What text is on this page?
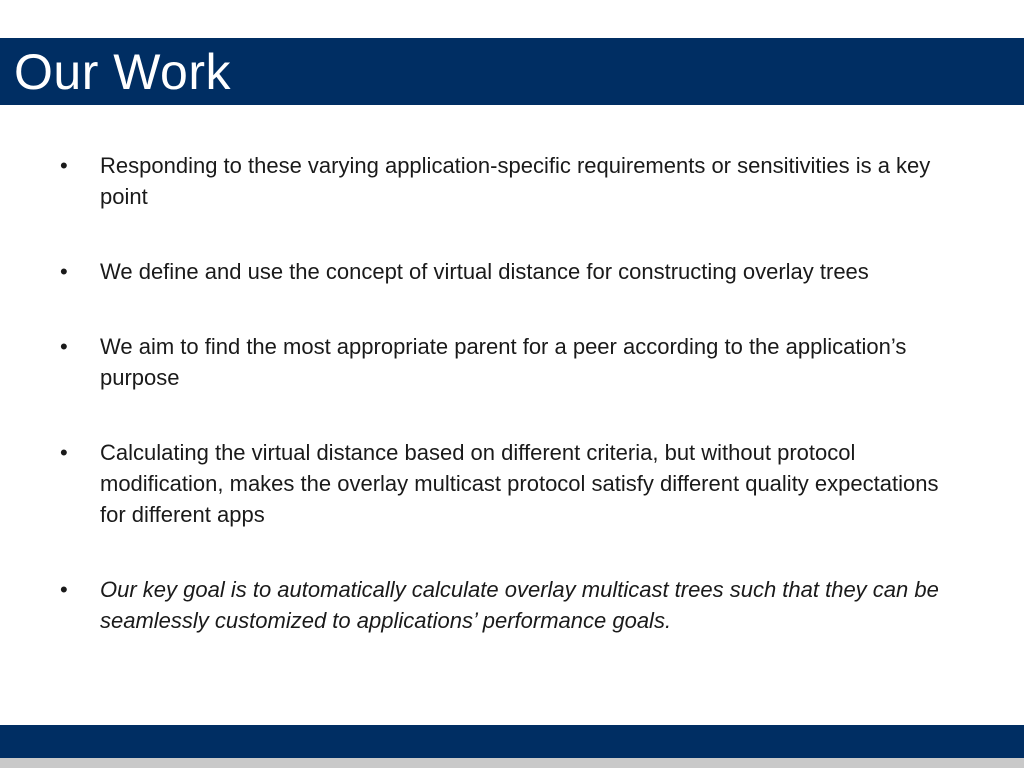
Our Work
• Responding to these varying application-specific requirements or sensitivities is a key point
• We define and use the concept of virtual distance for constructing overlay trees
• We aim to find the most appropriate parent for a peer according to the application’s purpose
• Calculating the virtual distance based on different criteria, but without protocol modification, makes the overlay multicast protocol satisfy different quality expectations for different apps
• Our key goal is to automatically calculate overlay multicast trees such that they can be seamlessly customized to applications’ performance goals.
